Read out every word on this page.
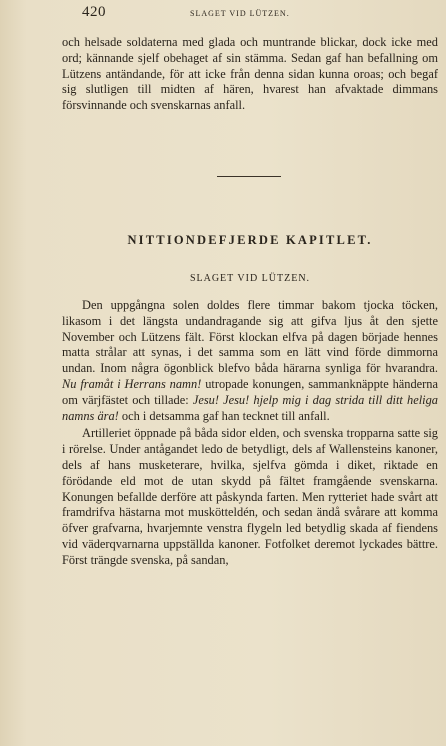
420	SLAGET VID LÜTZEN.

och helsade soldaterna med glada och muntrande blickar, dock icke med ord; kännande sjelf obehaget af sin stämma. Sedan gaf han befallning om Lützens antändande, för att icke från denna sidan kunna oroas; och begaf sig slutligen till midten af hären, hvarest han afvaktade dimmans försvinnande och svenskarnas anfall.

NITTIONDEFJERDE KAPITLET.
SLAGET VID LÜTZEN.

Den uppgångna solen doldes flere timmar bakom tjocka töcken, likasom i det längsta undandragande sig att gifva ljus åt den sjette November och Lützens fält. Först klockan elfva på dagen började hennes matta strålar att synas, i det samma som en lätt vind förde dimmorna undan. Inom några ögonblick blefvo båda härarna synliga för hvarandra. Nu framåt i Herrans namn! utropade konungen, sammanknäppte händerna om värjfästet och tillade: Jesu! Jesu! hjelp mig i dag strida till ditt heliga namns ära! och i detsamma gaf han tecknet till anfall.

Artilleriet öppnade på båda sidor elden, och svenska tropparna satte sig i rörelse. Under antågandet ledo de betydligt, dels af Wallensteins kanoner, dels af hans musketerare, hvilka, sjelfva gömda i diket, riktade en förödande eld mot de utan skydd på fältet framgående svenskarna. Konungen befallde derföre att påskynda farten. Men rytteriet hade svårt att framdrifva hästarna mot muskötteldén, och sedan ändå svårare att komma öfver grafvarna, hvarjemnte venstra flygeln led betydlig skada af fiendens vid väderqvarnarna uppställda kanoner. Fotfolket deremot lyckades bättre. Först trängde svenska, på sandan,
